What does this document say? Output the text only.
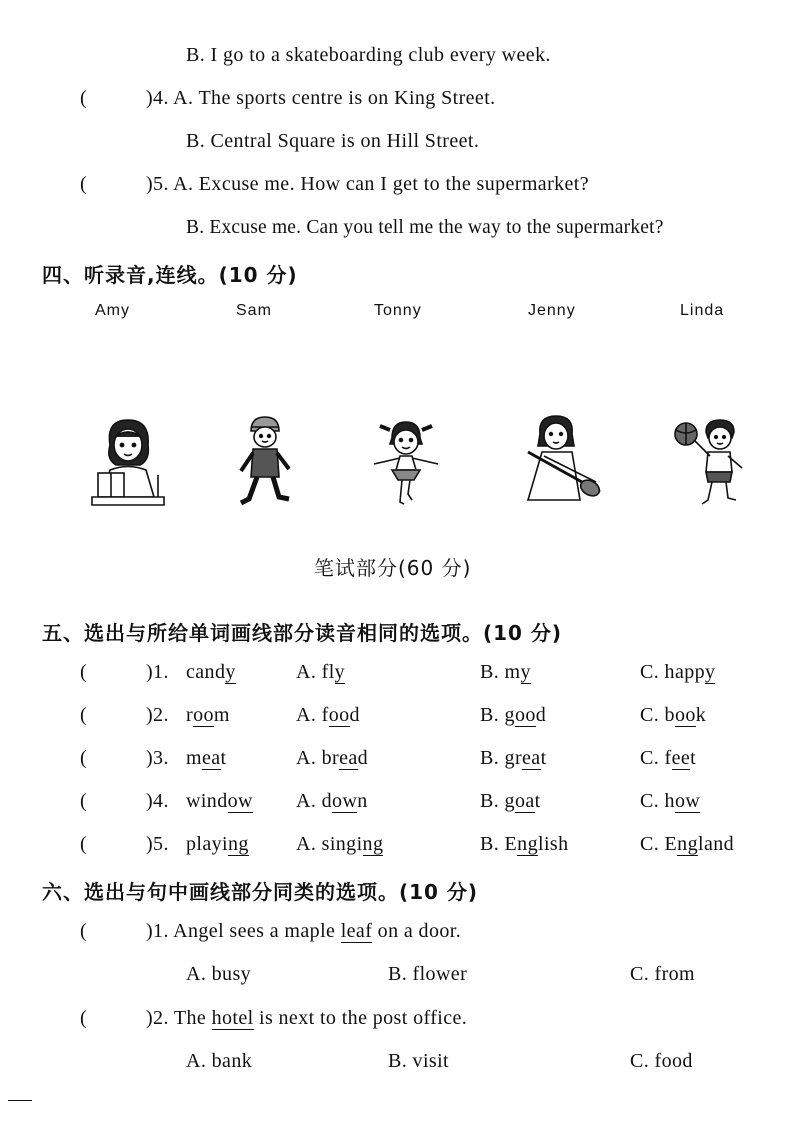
B. I go to a skateboarding club every week.
(	)4. A. The sports centre is on King Street.
B. Central Square is on Hill Street.
(	)5. A. Excuse me. How can I get to the supermarket?
B. Excuse me. Can you tell me the way to the supermarket?
四、听录音,连线。(10 分)
Amy	Sam	Tonny	Jenny	Linda
笔试部分(60 分)
五、选出与所给单词画线部分读音相同的选项。(10 分)
(	)1. candy	A. fly	B. my	C. happy
(	)2. room	A. food	B. good	C. book
(	)3. meat	A. bread	B. great	C. feet
(	)4. window A. down	B. goat	C. how
(	)5. playing A. singing	B. English	C. England
六、选出与句中画线部分同类的选项。(10 分)
(	)1. Angel sees a maple leaf on a door.
A. busy	B. flower	C. from
(	)2. The hotel is next to the post office.
A. bank	B. visit	C. food
